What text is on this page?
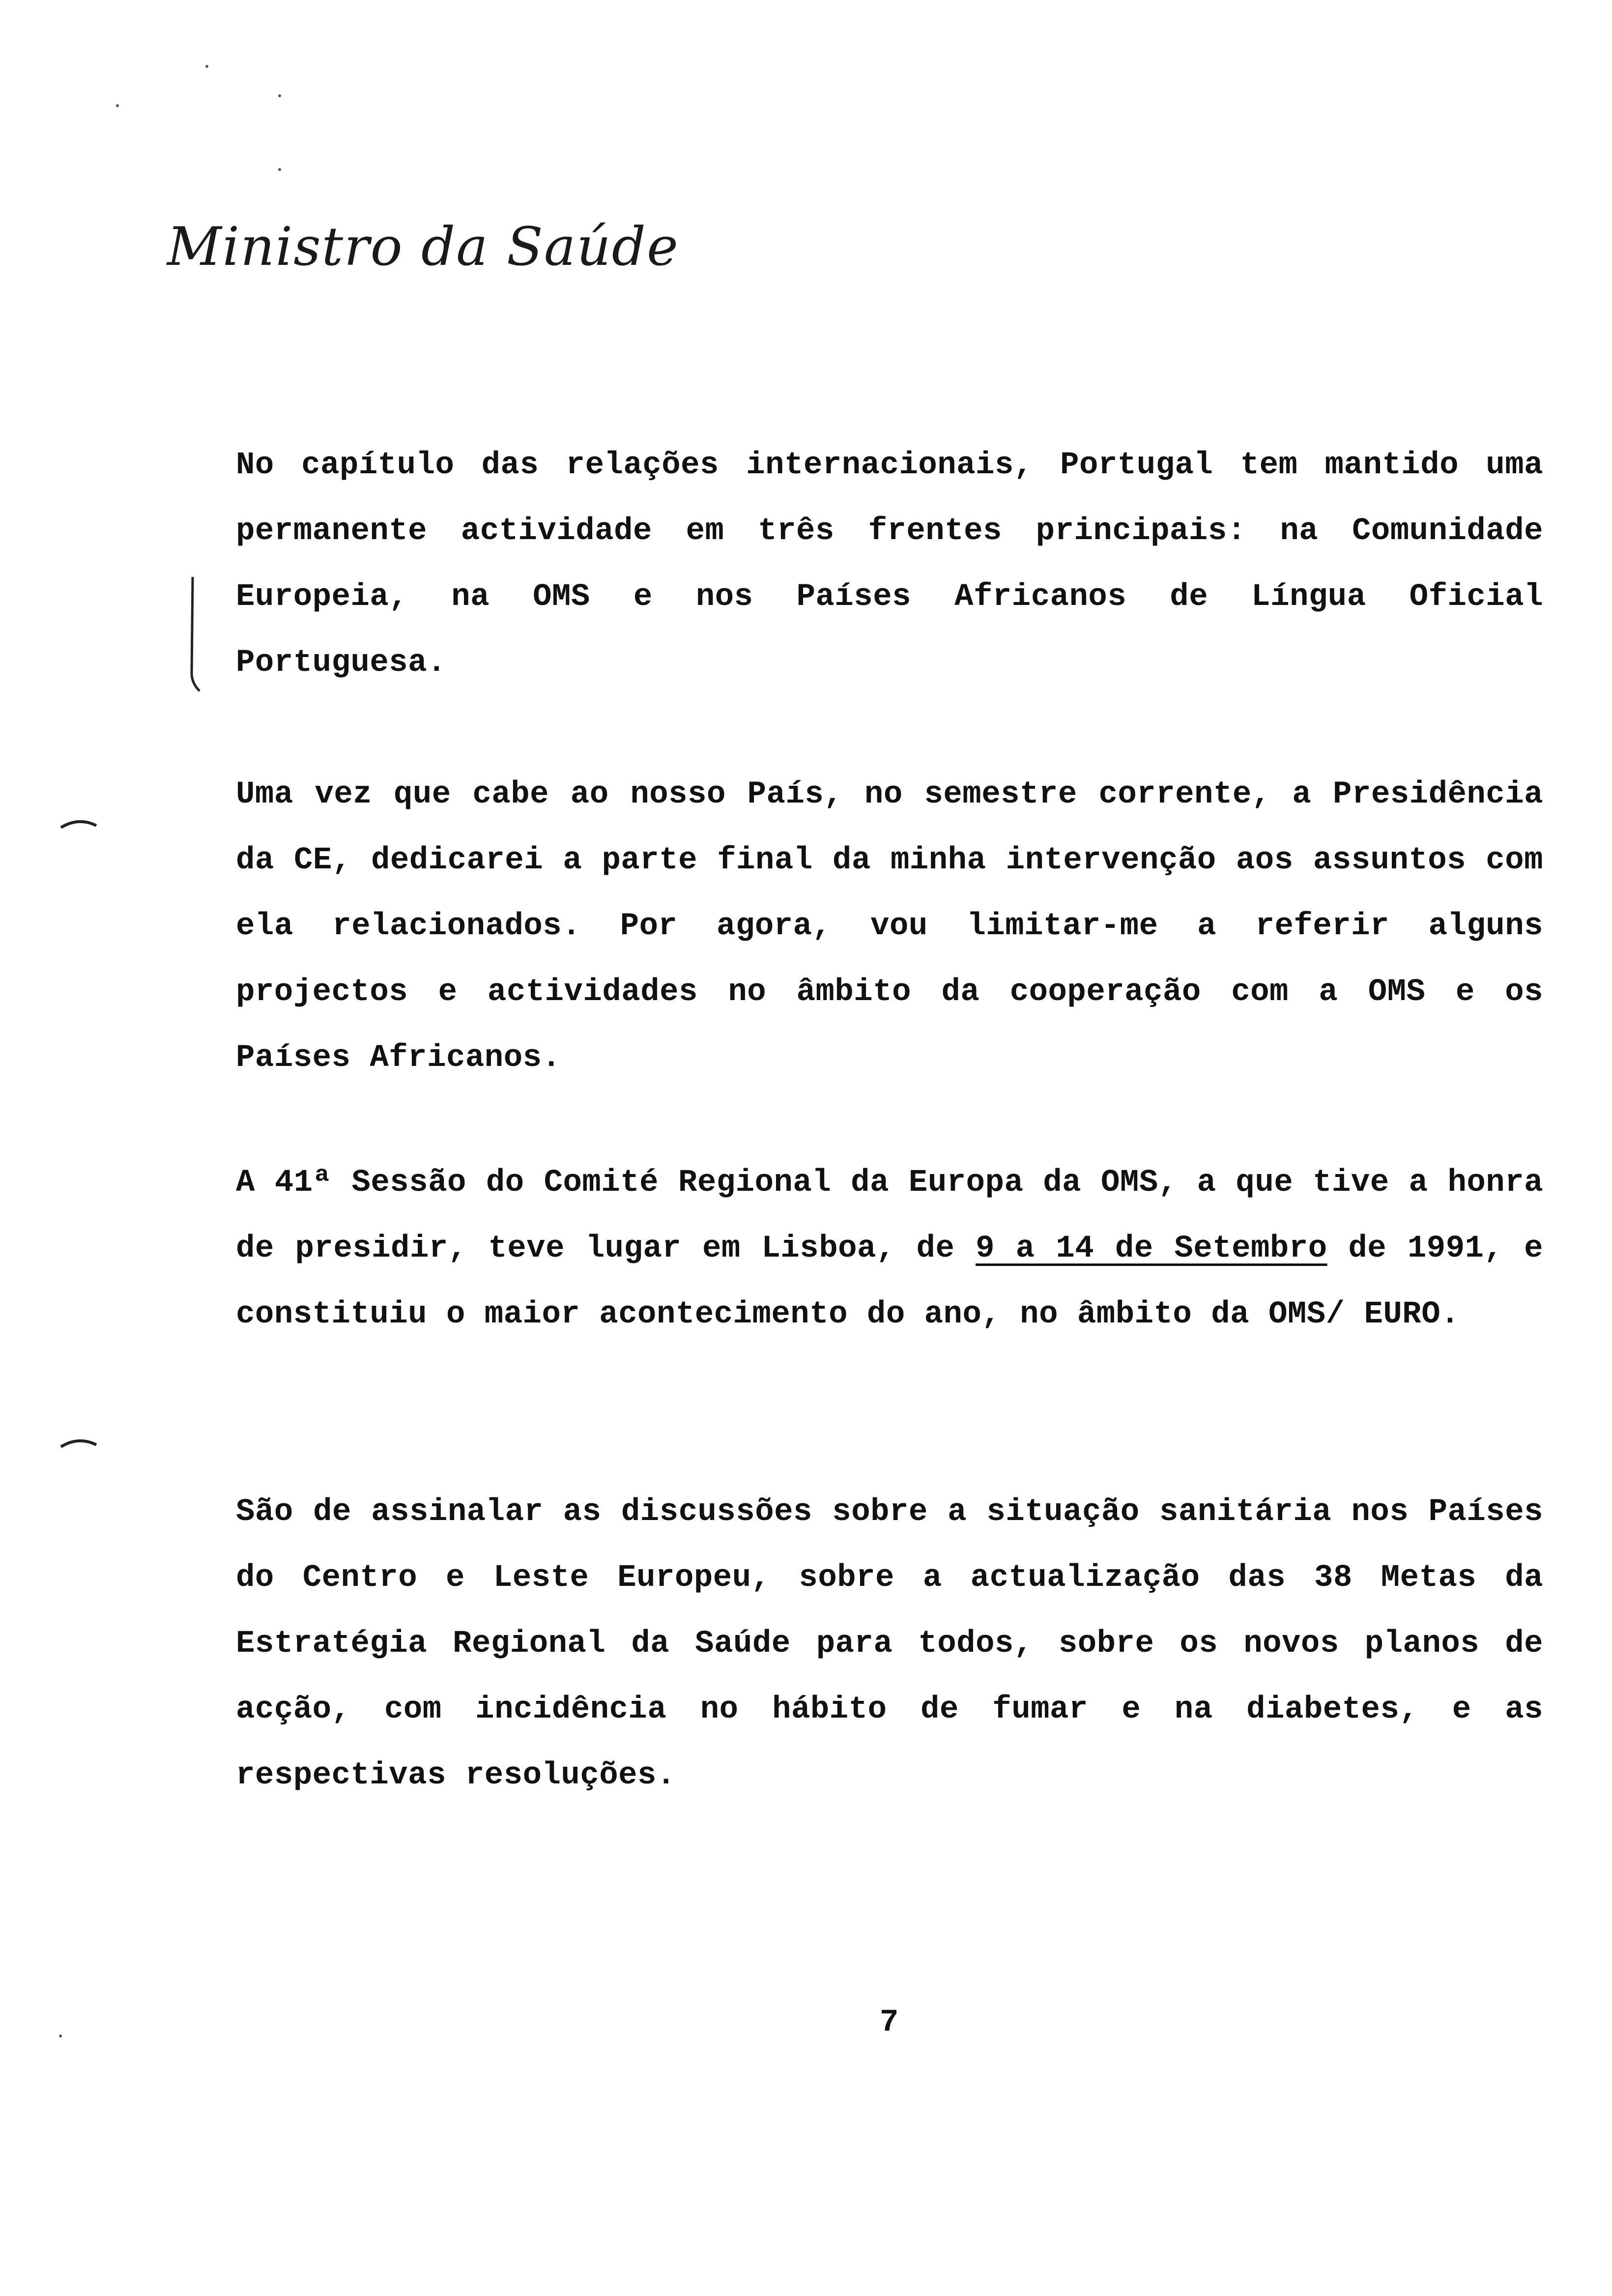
Ministro da Saúde

No capítulo das relações internacionais, Portugal tem mantido uma permanente actividade em três frentes principais: na Comunidade Europeia, na OMS e nos Países Africanos de Língua Oficial Portuguesa.

Uma vez que cabe ao nosso País, no semestre corrente, a Presidência da CE, dedicarei a parte final da minha intervenção aos assuntos com ela relacionados. Por agora, vou limitar-me a referir alguns projectos e actividades no âmbito da cooperação com a OMS e os Países Africanos.

A 41ª Sessão do Comité Regional da Europa da OMS, a que tive a honra de presidir, teve lugar em Lisboa, de 9 a 14 de Setembro de 1991, e constituiu o maior acontecimento do ano, no âmbito da OMS/ EURO.

São de assinalar as discussões sobre a situação sanitária nos Países do Centro e Leste Europeu, sobre a actualização das 38 Metas da Estratégia Regional da Saúde para todos, sobre os novos planos de acção, com incidência no hábito de fumar e na diabetes, e as respectivas resoluções.

7
